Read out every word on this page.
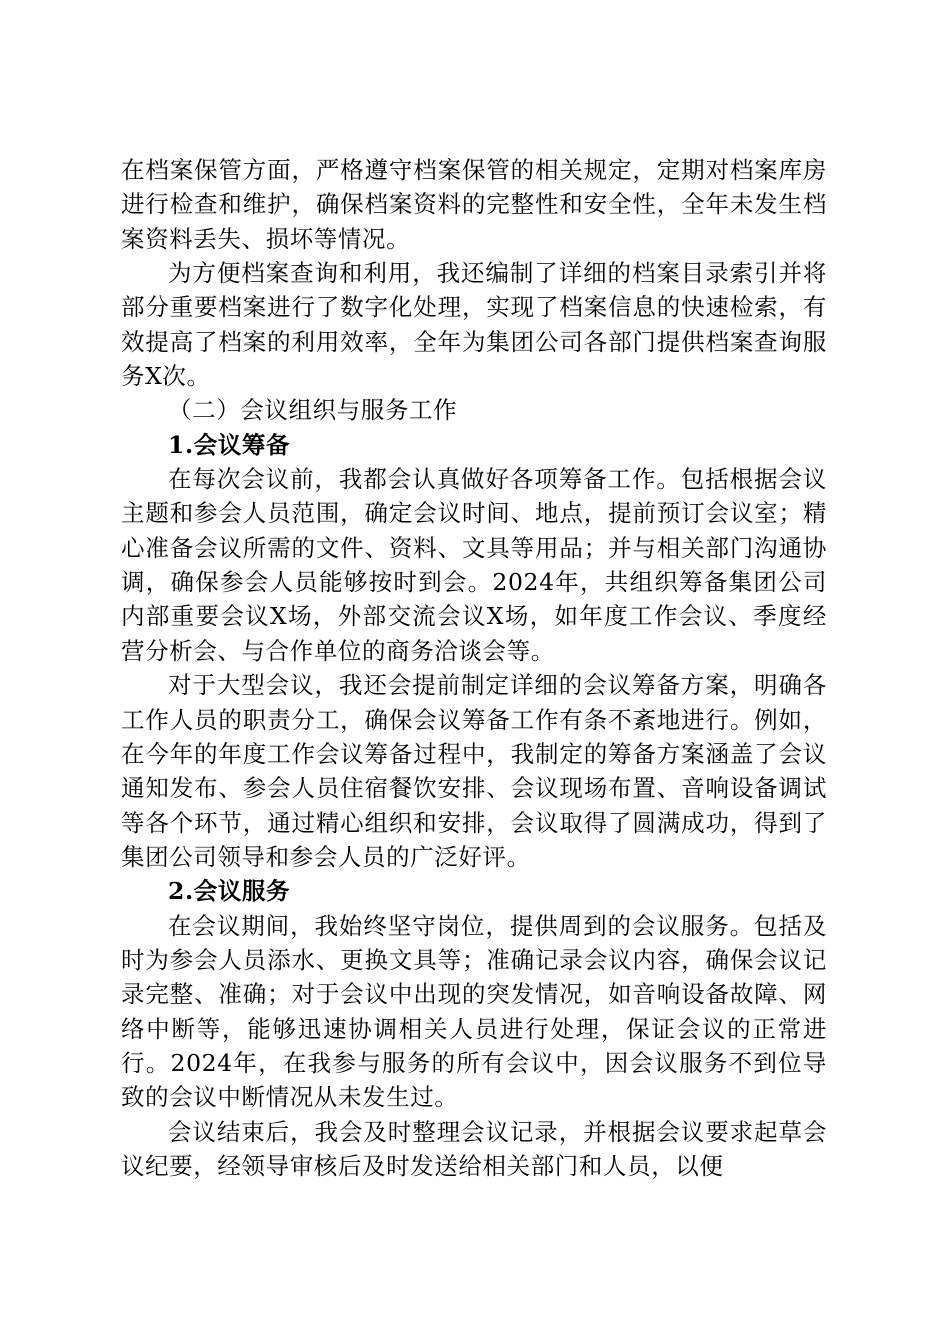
在档案保管方面，严格遵守档案保管的相关规定，定期对档案库房进行检查和维护，确保档案资料的完整性和安全性，全年未发生档案资料丢失、损坏等情况。

为方便档案查询和利用，我还编制了详细的档案目录索引并将部分重要档案进行了数字化处理，实现了档案信息的快速检索，有效提高了档案的利用效率，全年为集团公司各部门提供档案查询服务X次。

（二）会议组织与服务工作

1.会议筹备

在每次会议前，我都会认真做好各项筹备工作。包括根据会议主题和参会人员范围，确定会议时间、地点，提前预订会议室；精心准备会议所需的文件、资料、文具等用品；并与相关部门沟通协调，确保参会人员能够按时到会。2024年，共组织筹备集团公司内部重要会议X场，外部交流会议X场，如年度工作会议、季度经营分析会、与合作单位的商务洽谈会等。

对于大型会议，我还会提前制定详细的会议筹备方案，明确各工作人员的职责分工，确保会议筹备工作有条不紊地进行。例如，在今年的年度工作会议筹备过程中，我制定的筹备方案涵盖了会议通知发布、参会人员住宿餐饮安排、会议现场布置、音响设备调试等各个环节，通过精心组织和安排，会议取得了圆满成功，得到了集团公司领导和参会人员的广泛好评。

2.会议服务

在会议期间，我始终坚守岗位，提供周到的会议服务。包括及时为参会人员添水、更换文具等；准确记录会议内容，确保会议记录完整、准确；对于会议中出现的突发情况，如音响设备故障、网络中断等，能够迅速协调相关人员进行处理，保证会议的正常进行。2024年，在我参与服务的所有会议中，因会议服务不到位导致的会议中断情况从未发生过。

会议结束后，我会及时整理会议记录，并根据会议要求起草会议纪要，经领导审核后及时发送给相关部门和人员，以便
